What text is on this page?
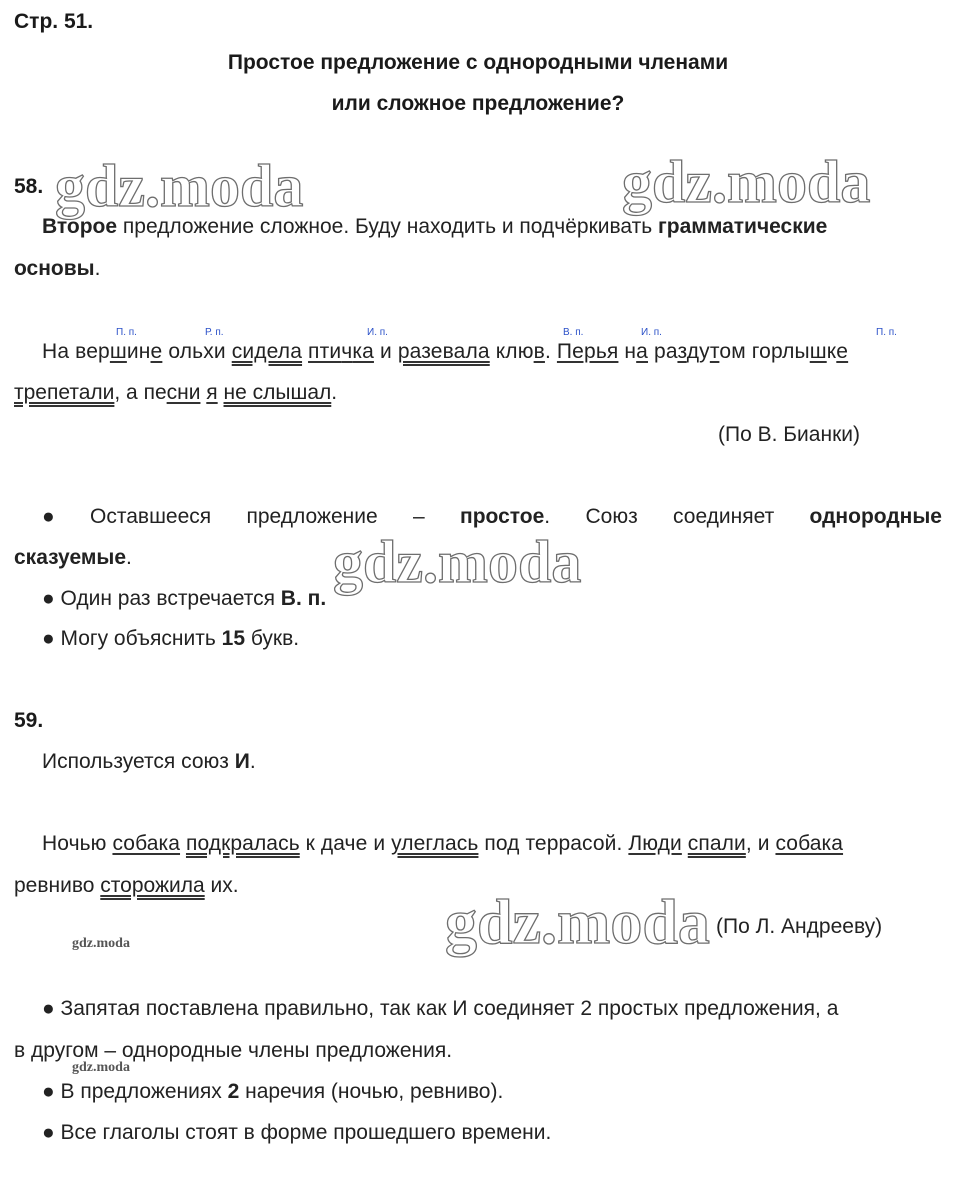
Стр. 51.
Простое предложение с однородными членами
или сложное предложение?
gdz.moda	gdz.moda
gdz.moda
gdz.moda
gdz.moda
gdz.moda
58.
Второе предложение сложное. Буду находить и подчёркивать грамматические
основы.
П. п.	Р. п.	И. п.	В. п.	И. п.	П. п.
На вершине ольхи сидела птичка и разевала клюв. Перья на раздутом горлышке
трепетали, а песни я не слышал.
(По В. Бианки)
● Оставшееся предложение – простое. Союз соединяет однородные
сказуемые.
● Один раз встречается В. п.
● Могу объяснить 15 букв.
59.
Используется союз И.
Ночью собака подкралась к даче и улеглась под террасой. Люди спали, и собака
ревниво сторожила их.
(По Л. Андрееву)
● Запятая поставлена правильно, так как И соединяет 2 простых предложения, а
в другом – однородные члены предложения.
● В предложениях 2 наречия (ночью, ревниво).
● Все глаголы стоят в форме прошедшего времени.
